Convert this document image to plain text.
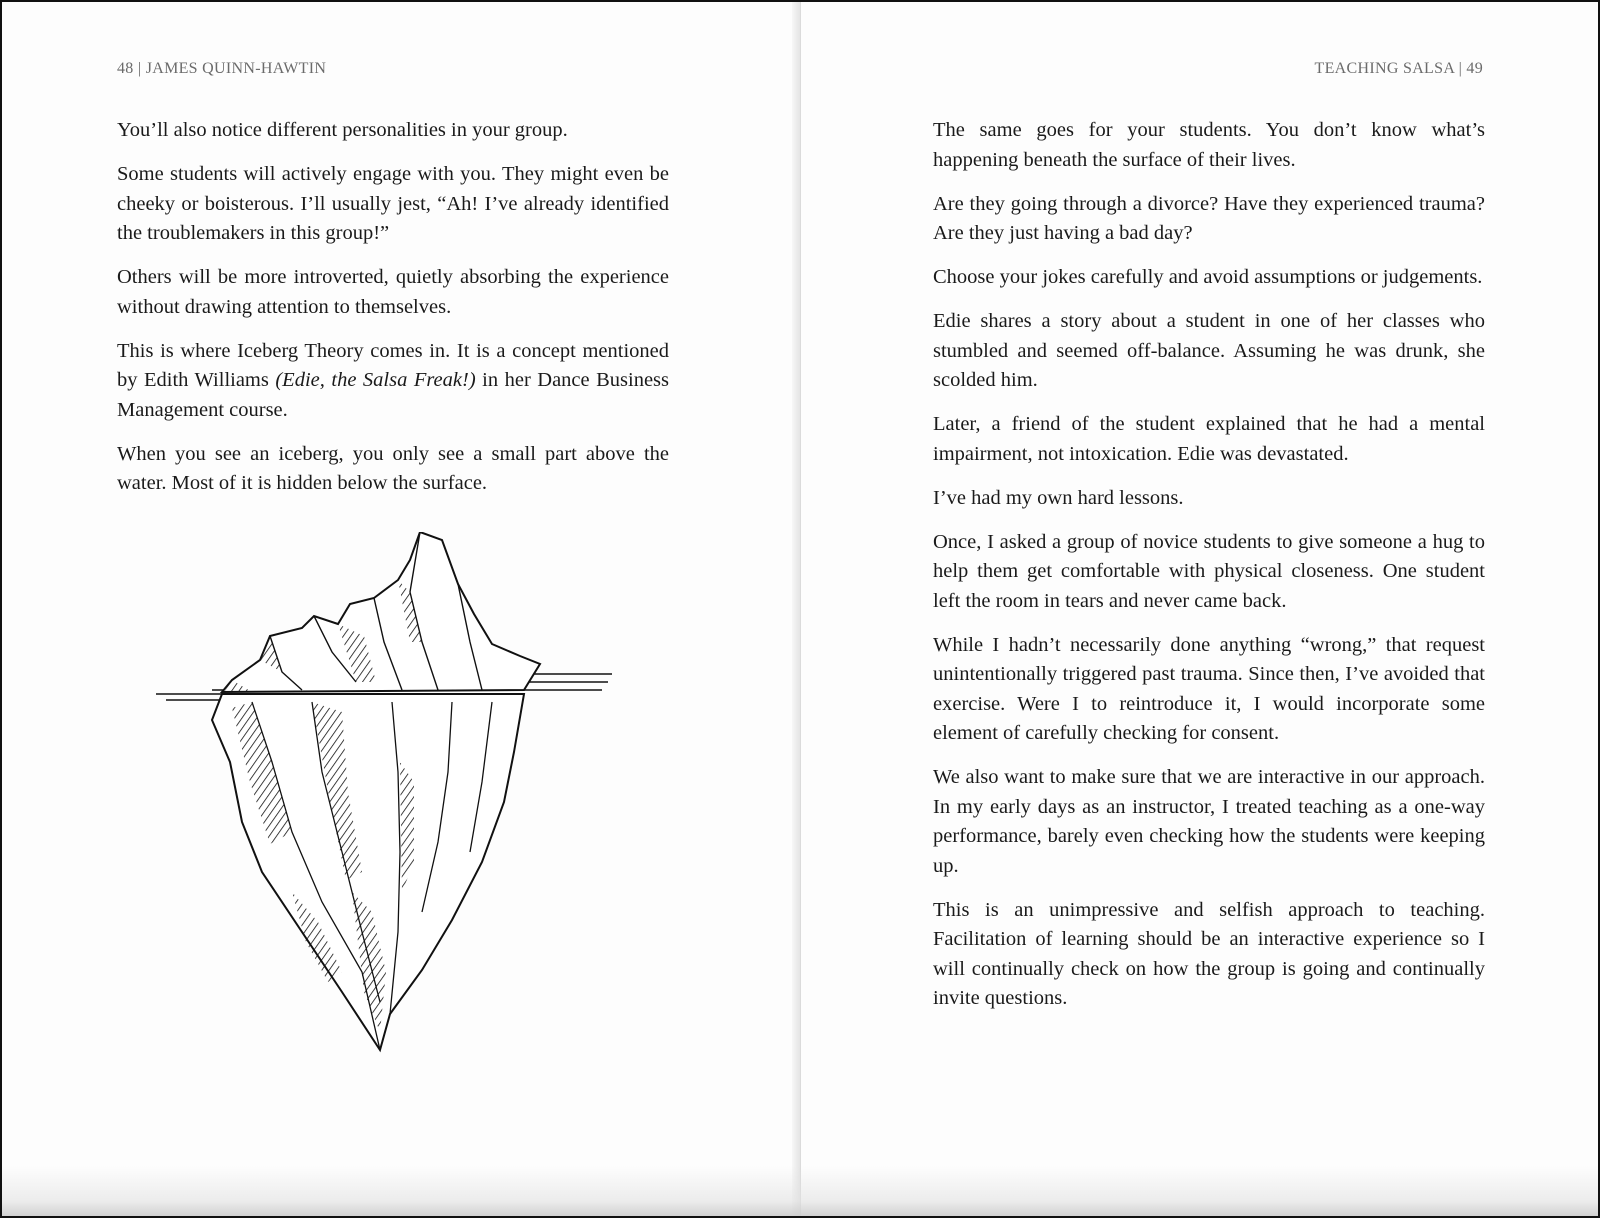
48 | JAMES QUINN-HAWTIN

You’ll also notice different personalities in your group.

Some students will actively engage with you. They might even be cheeky or boisterous. I’ll usually jest, “Ah! I’ve already identified the troublemakers in this group!”

Others will be more introverted, quietly absorbing the experience without drawing attention to themselves.

This is where Iceberg Theory comes in. It is a concept mentioned by Edith Williams (Edie, the Salsa Freak!) in her Dance Business Management course.

When you see an iceberg, you only see a small part above the water. Most of it is hidden below the surface.

TEACHING SALSA | 49

The same goes for your students. You don’t know what’s happening beneath the surface of their lives.

Are they going through a divorce? Have they experienced trauma? Are they just having a bad day?

Choose your jokes carefully and avoid assumptions or judgements.

Edie shares a story about a student in one of her classes who stumbled and seemed off-balance. Assuming he was drunk, she scolded him.

Later, a friend of the student explained that he had a mental impairment, not intoxication. Edie was devastated.

I’ve had my own hard lessons.

Once, I asked a group of novice students to give someone a hug to help them get comfortable with physical closeness. One student left the room in tears and never came back.

While I hadn’t necessarily done anything “wrong,” that request unintentionally triggered past trauma. Since then, I’ve avoided that exercise. Were I to reintroduce it, I would incorporate some element of carefully checking for consent.

We also want to make sure that we are interactive in our approach. In my early days as an instructor, I treated teaching as a one-way performance, barely even checking how the students were keeping up.

This is an unimpressive and selfish approach to teaching. Facilitation of learning should be an interactive experience so I will continually check on how the group is going and continually invite questions.
